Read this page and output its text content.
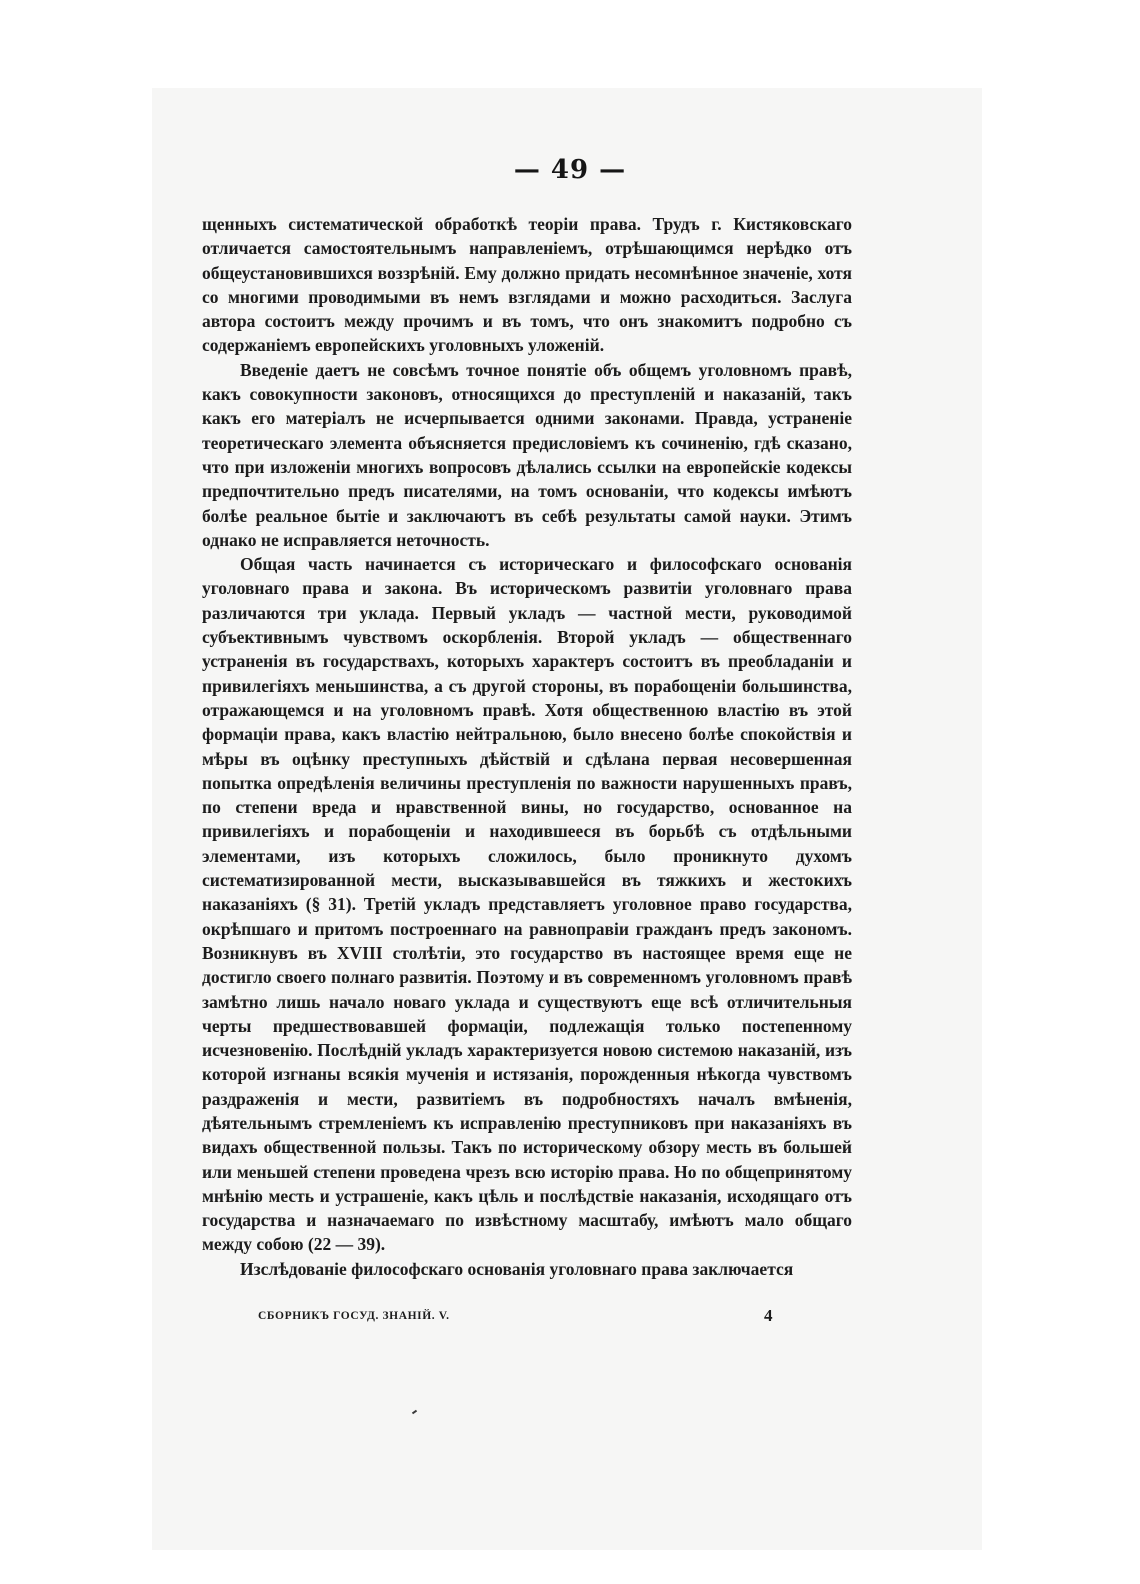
— 49 —

щенныхъ систематической обработкѣ теоріи права. Трудъ г. Кистяковскаго отличается самостоятельнымъ направленіемъ, отрѣшающимся нерѣдко отъ общеустановившихся воззрѣній. Ему должно придать несомнѣнное значеніе, хотя со многими проводимыми въ немъ взглядами и можно расходиться. Заслуга автора состоитъ между прочимъ и въ томъ, что онъ знакомитъ подробно съ содержаніемъ европейскихъ уголовныхъ уложеній.

Введеніе даетъ не совсѣмъ точное понятіе объ общемъ уголовномъ правѣ, какъ совокупности законовъ, относящихся до преступленій и наказаній, такъ какъ его матеріалъ не исчерпывается одними законами. Правда, устраненіе теоретическаго элемента объясняется предисловіемъ къ сочиненію, гдѣ сказано, что при изложеніи многихъ вопросовъ дѣлались ссылки на европейскіе кодексы предпочтительно предъ писателями, на томъ основаніи, что кодексы имѣютъ болѣе реальное бытіе и заключаютъ въ себѣ результаты самой науки. Этимъ однако не исправляется неточность.

Общая часть начинается съ историческаго и философскаго основанія уголовнаго права и закона. Въ историческомъ развитіи уголовнаго права различаются три уклада. Первый укладъ — частной мести, руководимой субъективнымъ чувствомъ оскорбленія. Второй укладъ — общественнаго устраненія въ государствахъ, которыхъ характеръ состоитъ въ преобладаніи и привилегіяхъ меньшинства, а съ другой стороны, въ порабощеніи большинства, отражающемся и на уголовномъ правѣ. Хотя общественною властію въ этой формаціи права, какъ властію нейтральною, было внесено болѣе спокойствія и мѣры въ оцѣнку преступныхъ дѣйствій и сдѣлана первая несовершенная попытка опредѣленія величины преступленія по важности нарушенныхъ правъ, по степени вреда и нравственной вины, но государство, основанное на привилегіяхъ и порабощеніи и находившееся въ борьбѣ съ отдѣльными элементами, изъ которыхъ сложилось, было проникнуто духомъ систематизированной мести, высказывавшейся въ тяжкихъ и жестокихъ наказаніяхъ (§ 31). Третій укладъ представляетъ уголовное право государства, окрѣпшаго и притомъ построеннаго на равноправіи гражданъ предъ закономъ. Возникнувъ въ XVIII столѣтіи, это государство въ настоящее время еще не достигло своего полнаго развитія. Поэтому и въ современномъ уголовномъ правѣ замѣтно лишь начало новаго уклада и существуютъ еще всѣ отличительныя черты предшествовавшей формаціи, подлежащія только постепенному исчезновенію. Послѣдній укладъ характеризуется новою системою наказаній, изъ которой изгнаны всякія мученія и истязанія, порожденныя нѣкогда чувствомъ раздраженія и мести, развитіемъ въ подробностяхъ началъ вмѣненія, дѣятельнымъ стремленіемъ къ исправленію преступниковъ при наказаніяхъ въ видахъ общественной пользы. Такъ по историческому обзору месть въ большей или меньшей степени проведена чрезъ всю исторію права. Но по общепринятому мнѣнію месть и устрашеніе, какъ цѣль и послѣдствіе наказанія, исходящаго отъ государства и назначаемаго по извѣстному масштабу, имѣютъ мало общаго между собою (22 — 39).

Изслѣдованіе философскаго основанія уголовнаго права заключается

СБОРНИКЪ ГОСУД. ЗНАНІЙ. V.	4
